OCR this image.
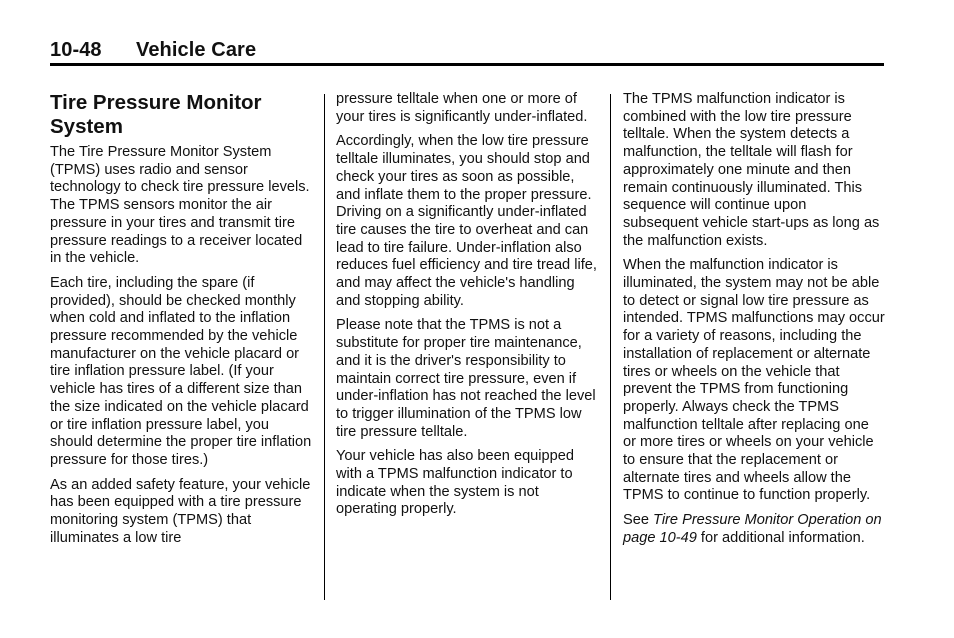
10-48 Vehicle Care
Tire Pressure Monitor System

The Tire Pressure Monitor System (TPMS) uses radio and sensor technology to check tire pressure levels. The TPMS sensors monitor the air pressure in your tires and transmit tire pressure readings to a receiver located in the vehicle.

Each tire, including the spare (if provided), should be checked monthly when cold and inflated to the inflation pressure recommended by the vehicle manufacturer on the vehicle placard or tire inflation pressure label. (If your vehicle has tires of a different size than the size indicated on the vehicle placard or tire inflation pressure label, you should determine the proper tire inflation pressure for those tires.)

As an added safety feature, your vehicle has been equipped with a tire pressure monitoring system (TPMS) that illuminates a low tire

pressure telltale when one or more of your tires is significantly under-inflated.

Accordingly, when the low tire pressure telltale illuminates, you should stop and check your tires as soon as possible, and inflate them to the proper pressure. Driving on a significantly under-inflated tire causes the tire to overheat and can lead to tire failure. Under-inflation also reduces fuel efficiency and tire tread life, and may affect the vehicle's handling and stopping ability.

Please note that the TPMS is not a substitute for proper tire maintenance, and it is the driver's responsibility to maintain correct tire pressure, even if under-inflation has not reached the level to trigger illumination of the TPMS low tire pressure telltale.

Your vehicle has also been equipped with a TPMS malfunction indicator to indicate when the system is not operating properly.

The TPMS malfunction indicator is combined with the low tire pressure telltale. When the system detects a malfunction, the telltale will flash for approximately one minute and then remain continuously illuminated. This sequence will continue upon subsequent vehicle start-ups as long as the malfunction exists.

When the malfunction indicator is illuminated, the system may not be able to detect or signal low tire pressure as intended. TPMS malfunctions may occur for a variety of reasons, including the installation of replacement or alternate tires or wheels on the vehicle that prevent the TPMS from functioning properly. Always check the TPMS malfunction telltale after replacing one or more tires or wheels on your vehicle to ensure that the replacement or alternate tires and wheels allow the TPMS to continue to function properly.

See Tire Pressure Monitor Operation on page 10-49 for additional information.
